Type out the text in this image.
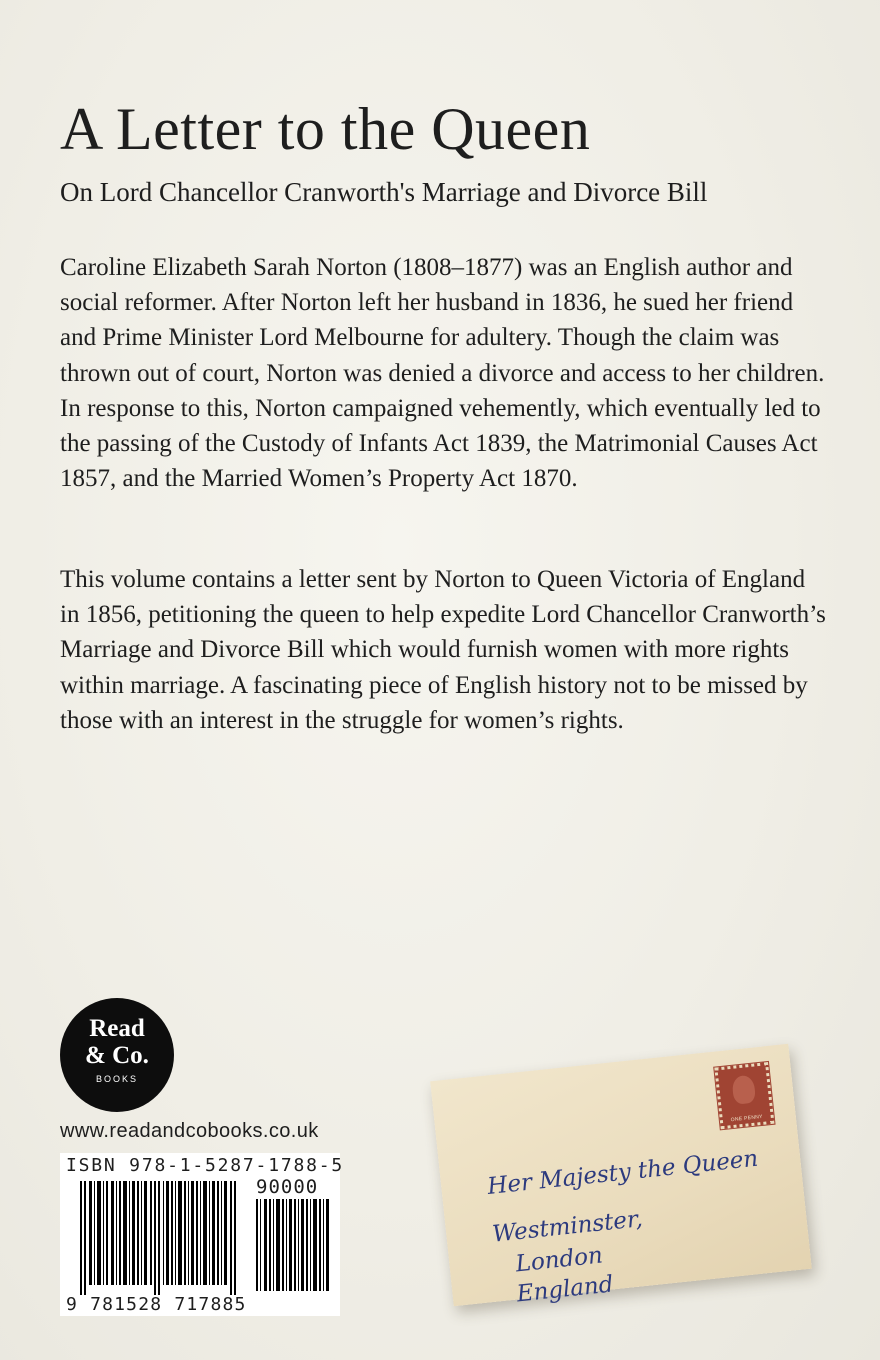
A Letter to the Queen
On Lord Chancellor Cranworth's Marriage and Divorce Bill

Caroline Elizabeth Sarah Norton (1808–1877) was an English author and social reformer. After Norton left her husband in 1836, he sued her friend and Prime Minister Lord Melbourne for adultery. Though the claim was thrown out of court, Norton was denied a divorce and access to her children. In response to this, Norton campaigned vehemently, which eventually led to the passing of the Custody of Infants Act 1839, the Matrimonial Causes Act 1857, and the Married Women’s Property Act 1870.

This volume contains a letter sent by Norton to Queen Victoria of England in 1856, petitioning the queen to help expedite Lord Chancellor Cranworth’s Marriage and Divorce Bill which would furnish women with more rights within marriage. A fascinating piece of English history not to be missed by those with an interest in the struggle for women’s rights.

Read
& Co.
BOOKS
www.readandcobooks.co.uk
ISBN 978-1-5287-1788-5
90000
9 781528 717885
ONE PENNY
Her Majesty the Queen
Westminster,
London
England
